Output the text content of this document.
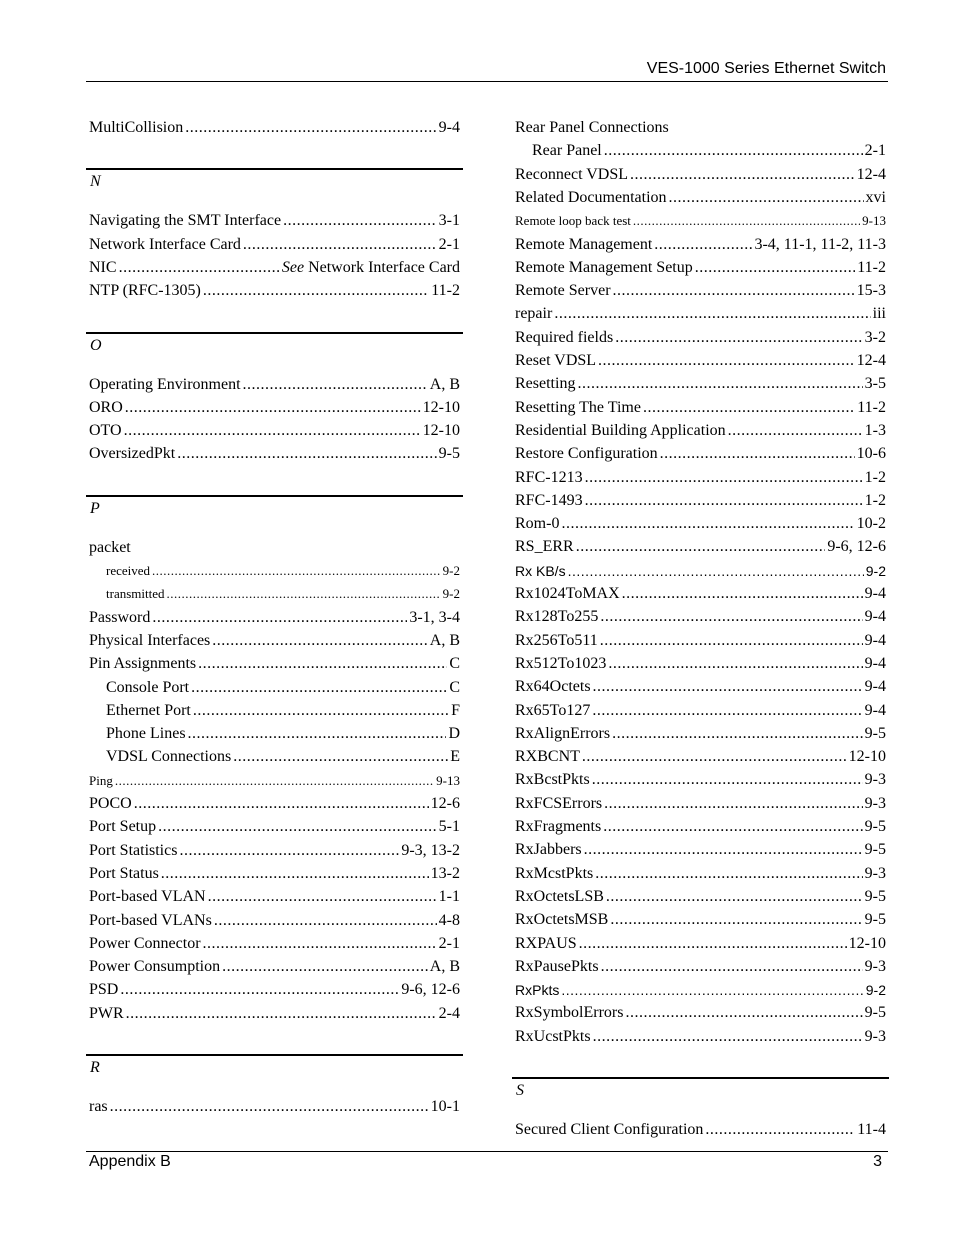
VES-1000 Series Ethernet Switch
MultiCollision .....	9-4
N
Navigating the SMT Interface .....	3-1
Network Interface Card .....	2-1
NIC .....	See Network Interface Card
NTP (RFC-1305) .....	11-2
O
Operating Environment .....	A, B
ORO .....	12-10
OTO .....	12-10
OversizedPkt .....	9-5
P
packet
received .....	9-2
transmitted .....	9-2
Password .....	3-1, 3-4
Physical Interfaces .....	A, B
Pin Assignments .....	C
Console Port .....	C
Ethernet Port .....	F
Phone Lines .....	D
VDSL Connections .....	E
Ping .....	9-13
POCO .....	12-6
Port Setup .....	5-1
Port Statistics .....	9-3, 13-2
Port Status .....	13-2
Port-based VLAN .....	1-1
Port-based VLANs .....	4-8
Power Connector .....	2-1
Power Consumption .....	A, B
PSD .....	9-6, 12-6
PWR .....	2-4
R
ras .....	10-1
Rear Panel Connections
Rear Panel .....	2-1
Reconnect VDSL .....	12-4
Related Documentation .....	xvi
Remote loop back test .....	9-13
Remote Management .....	3-4, 11-1, 11-2, 11-3
Remote Management Setup .....	11-2
Remote Server .....	15-3
repair .....	iii
Required fields .....	3-2
Reset VDSL .....	12-4
Resetting .....	3-5
Resetting The Time .....	11-2
Residential Building Application .....	1-3
Restore Configuration .....	10-6
RFC-1213 .....	1-2
RFC-1493 .....	1-2
Rom-0 .....	10-2
RS_ERR .....	9-6, 12-6
Rx KB/s .....	9-2
Rx1024ToMAX .....	9-4
Rx128To255 .....	9-4
Rx256To511 .....	9-4
Rx512To1023 .....	9-4
Rx64Octets .....	9-4
Rx65To127 .....	9-4
RxAlignErrors .....	9-5
RXBCNT .....	12-10
RxBcstPkts .....	9-3
RxFCSErrors .....	9-3
RxFragments .....	9-5
RxJabbers .....	9-5
RxMcstPkts .....	9-3
RxOctetsLSB .....	9-5
RxOctetsMSB .....	9-5
RXPAUS .....	12-10
RxPausePkts .....	9-3
RxPkts .....	9-2
RxSymbolErrors .....	9-5
RxUcstPkts .....	9-3
S
Secured Client Configuration .....	11-4
Appendix B	3
